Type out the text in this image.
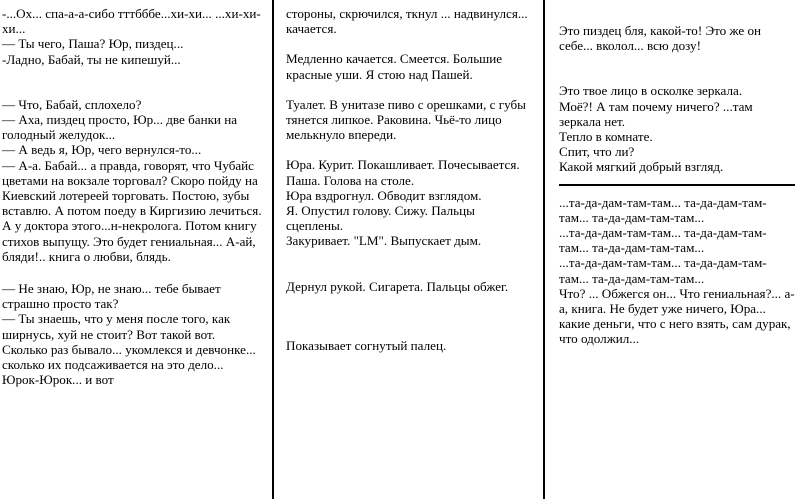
-...Ох... спа-а-а-сибо тттбббе...хи-хи... ...хи-хи-хи...

— Ты чего, Паша? Юр, пиздец...

-Ладно, Бабай, ты не кипешуй...

— Что, Бабай, сплохело?

— Аха, пиздец просто, Юр... две банки на голодный желудок...

— А ведь я, Юр, чего вернулся-то...

— А-а. Бабай... а правда, говорят, что Чубайс цветами на вокзале торговал? Скоро пойду на Киевский лотереей торговать. Постою, зубы вставлю. А потом поеду в Киргизию лечиться. А у доктора этого...н-некролога. Потом книгу стихов выпущу. Это будет гениальная... А-ай, бляди!.. книга о любви, блядь.

— Не знаю, Юр, не знаю... тебе бывает страшно просто так?

— Ты знаешь, что у меня после того, как ширнусь, хуй не стоит? Вот такой вот. Сколько раз бывало... укомлекся и девчонке... сколько их подсаживается на это дело... Юрок-Юрок... и вот

стороны, скрючился, ткнул ... надвинулся... качается.

Медленно качается. Смеется. Большие красные уши. Я стою над Пашей.

Туалет. В унитазе пиво с орешками, с губы тянется липкое. Раковина. Чьё-то лицо мелькнуло впереди.

Юра. Курит. Покашливает. Почесывается.

Паша. Голова на столе.

Юра вздрогнул. Обводит взглядом.

Я. Опустил голову. Сижу. Пальцы сцеплены.

Закуривает. "LM". Выпускает дым.

Дернул рукой. Сигарета. Пальцы обжег.

Показывает согнутый палец.

Это пиздец бля, какой-то! Это же он себе... вколол... всю дозу!

Это твое лицо в осколке зеркала.

Моё?! А там почему ничего? ...там зеркала нет.

Тепло в комнате.

Спит, что ли?

Какой мягкий добрый взгляд.

...та-да-дам-там-там... та-да-дам-там-там... та-да-дам-там-там...

...та-да-дам-там-там... та-да-дам-там-там... та-да-дам-там-там...

...та-да-дам-там-там... та-да-дам-там-там... та-да-дам-там-там...

Что? ... Обжегся он... Что гениальная?... а-а, книга. Не будет уже ничего, Юра... какие деньги, что с него взять, сам дурак, что одолжил...
